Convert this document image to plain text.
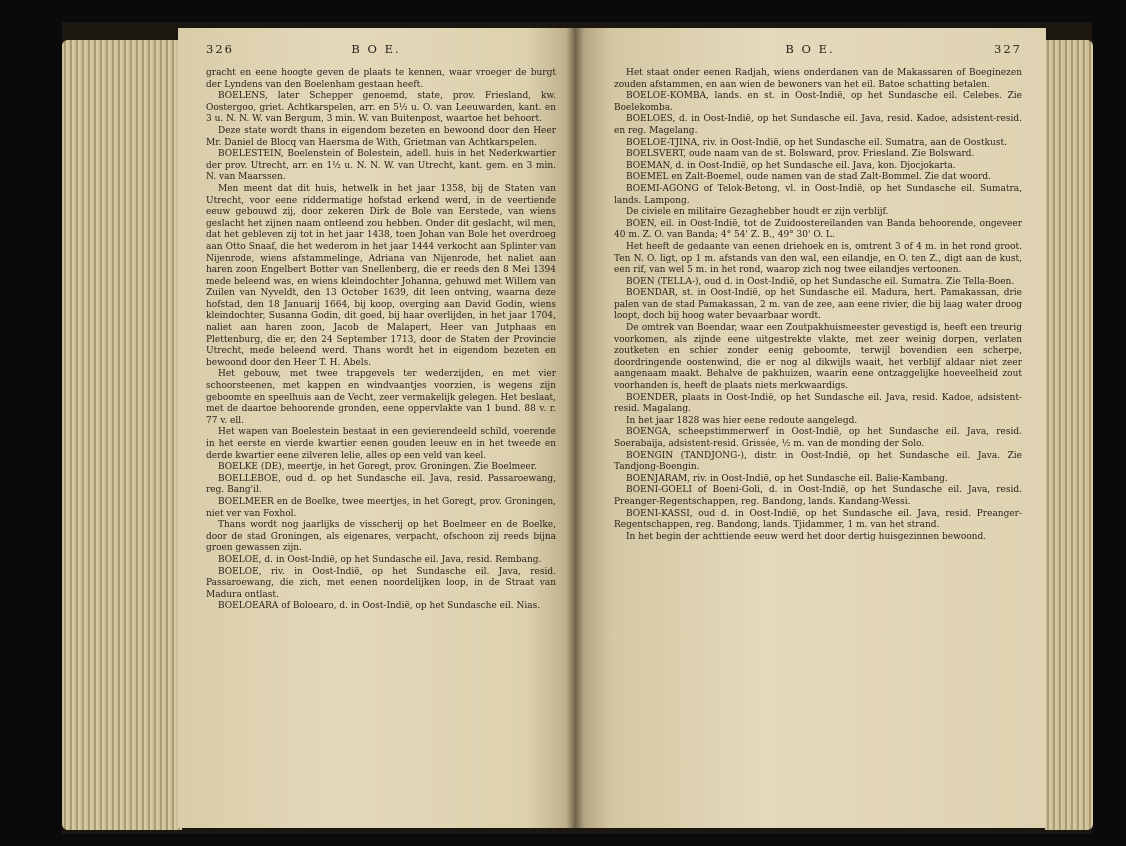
326	B O E.

gracht en eene hoogte geven de plaats te kennen, waar vroeger de burgt der Lyndens van den Boelenham gestaan heeft.

BOELENS, later Schepper genoemd, state, prov. Friesland, kw. Oostergoo, griet. Achtkarspelen, arr. en 5½ u. O. van Leeuwarden, kant. en 3 u. N. N. W. van Bergum, 3 min. W. van Buitenpost, waartoe het behoort.

Deze state wordt thans in eigendom bezeten en bewoond door den Heer Mr. Daniel de Blocq van Haersma de With, Grietman van Achtkarspelen.

BOELESTEIN, Boelenstein of Bolestein, adell. huis in het Nederkwartier der prov. Utrecht, arr. en 1½ u. N. N. W. van Utrecht, kant. gem. en 3 min. N. van Maarssen.

Men meent dat dit huis, hetwelk in het jaar 1358, bij de Staten van Utrecht, voor eene riddermatige hofstad erkend werd, in de veertiende eeuw gebouwd zij, door zekeren Dirk de Bole van Eerstede, van wiens geslacht het zijnen naam ontleend zou hebben. Onder dit geslacht, wil men, dat het gebleven zij tot in het jaar 1438, toen Johan van Bole het overdroeg aan Otto Snaaf, die het wederom in het jaar 1444 verkocht aan Splinter van Nijenrode, wiens afstammelinge, Adriana van Nijenrode, het naliet aan haren zoon Engelbert Botter van Snellenberg, die er reeds den 8 Mei 1394 mede beleend was, en wiens kleindochter Johanna, gehuwd met Willem van Zuilen van Nyveldt, den 13 October 1639, dit leen ontving, waarna deze hofstad, den 18 Januarij 1664, bij koop, overging aan David Godin, wiens kleindochter, Susanna Godin, dit goed, bij haar overlijden, in het jaar 1704, naliet aan haren zoon, Jacob de Malapert, Heer van Jutphaas en Plettenburg, die er, den 24 September 1713, door de Staten der Provincie Utrecht, mede beleend werd. Thans wordt het in eigendom bezeten en bewoond door den Heer T. H. Abels.

Het gebouw, met twee trapgevels ter wederzijden, en met vier schoorsteenen, met kappen en windvaantjes voorzien, is wegens zijn geboomte en speelhuis aan de Vecht, zeer vermakelijk gelegen. Het beslaat, met de daartoe behoorende gronden, eene oppervlakte van 1 bund. 88 v. r. 77 v. ell.

Het wapen van Boelestein bestaat in een gevierendeeld schild, voerende in het eerste en vierde kwartier eenen gouden leeuw en in het tweede en derde kwartier eene zilveren lelie, alles op een veld van keel.

BOELKE (DE), meertje, in het Goregt, prov. Groningen. Zie Boelmeer.

BOELLEBOE, oud d. op het Sundasche eil. Java, resid. Passaroewang, reg. Bang'il.

BOELMEER en de Boelke, twee meertjes, in het Goregt, prov. Groningen, niet ver van Foxhol.

Thans wordt nog jaarlijks de visscherij op het Boelmeer en de Boelke, door de stad Groningen, als eigenares, verpacht, ofschoon zij reeds bijna groen gewassen zijn.

BOELOE, d. in Oost-Indië, op het Sundasche eil. Java, resid. Rembang.

BOELOE, riv. in Oost-Indië, op het Sundasche eil. Java, resid. Passaroewang, die zich, met eenen noordelijken loop, in de Straat van Madura ontlast.

BOELOEARA of Boloearo, d. in Oost-Indië, op het Sundasche eil. Nias.

B O E.	327

Het staat onder eenen Radjah, wiens onderdanen van de Makassaren of Boeginezen zouden afstammen, en aan wien de bewoners van het eil. Batoe schatting betalen.

BOELOE-KOMBA, lands. en st. in Oost-Indië, op het Sundasche eil. Celebes. Zie Boelekomba.

BOELOES, d. in Oost-Indië, op het Sundasche eil. Java, resid. Kadoe, adsistent-resid. en reg. Magelang.

BOELOE-TJINA, riv. in Oost-Indië, op het Sundasche eil. Sumatra, aan de Oostkust.

BOELSVERT, oude naam van de st. Bolsward, prov. Friesland. Zie Bolsward.

BOEMAN, d. in Oost-Indië, op het Sundasche eil. Java, kon. Djocjokarta.

BOEMEL en Zalt-Boemel, oude namen van de stad Zalt-Bommel. Zie dat woord.

BOEMI-AGONG of Telok-Betong, vl. in Oost-Indië, op het Sundasche eil. Sumatra, lands. Lampong.

De civiele en militaire Gezaghebber houdt er zijn verblijf.

BOEN, eil. in Oost-Indië, tot de Zuidoostereilanden van Banda behoorende, ongeveer 40 m. Z. O. van Banda; 4° 54' Z. B., 49° 30' O. L.

Het heeft de gedaante van eenen driehoek en is, omtrent 3 of 4 m. in het rond groot. Ten N. O. ligt, op 1 m. afstands van den wal, een eilandje, en O. ten Z., digt aan de kust, een rif, van wel 5 m. in het rond, waarop zich nog twee eilandjes vertoonen.

BOEN (TELLA-), oud d. in Oost-Indië, op het Sundasche eil. Sumatra. Zie Tella-Boen.

BOENDAR, st. in Oost-Indië, op het Sundasche eil. Madura, hert. Pamakassan, drie palen van de stad Pamakassan, 2 m. van de zee, aan eene rivier, die bij laag water droog loopt, doch bij hoog water bevaarbaar wordt.

De omtrek van Boendar, waar een Zoutpakhuismeester gevestigd is, heeft een treurig voorkomen, als zijnde eene uitgestrekte vlakte, met zeer weinig dorpen, verlaten zoutketen en schier zonder eenig geboomte, terwijl bovendien een scherpe, doordringende oostenwind, die er nog al dikwijls waait, het verblijf aldaar niet zeer aangenaam maakt. Behalve de pakhuizen, waarin eene ontzaggelijke hoeveelheid zout voorhanden is, heeft de plaats niets merkwaardigs.

BOENDER, plaats in Oost-Indië, op het Sundasche eil. Java, resid. Kadoe, adsistent-resid. Magalang.

In het jaar 1828 was hier eene redoute aangelegd.

BOENGA, scheepstimmerwerf in Oost-Indië, op het Sundasche eil. Java, resid. Soerabaija, adsistent-resid. Grissée, ½ m. van de monding der Solo.

BOENGIN (TANDJONG-), distr. in Oost-Indië, op het Sundasche eil. Java. Zie Tandjong-Boengin.

BOENJARAM, riv. in Oost-Indië, op het Sundasche eil. Balie-Kambang.

BOENI-GOELI of Boeni-Goli, d. in Oost-Indië, op het Sundasche eil. Java, resid. Preanger-Regentschappen, reg. Bandong, lands. Kandang-Wessi.

BOENI-KASSI, oud d. in Oost-Indië, op het Sundasche eil. Java, resid. Preanger-Regentschappen, reg. Bandong, lands. Tjidammer, 1 m. van het strand.

In het begin der achttiende eeuw werd het door dertig huisgezinnen bewoond.
